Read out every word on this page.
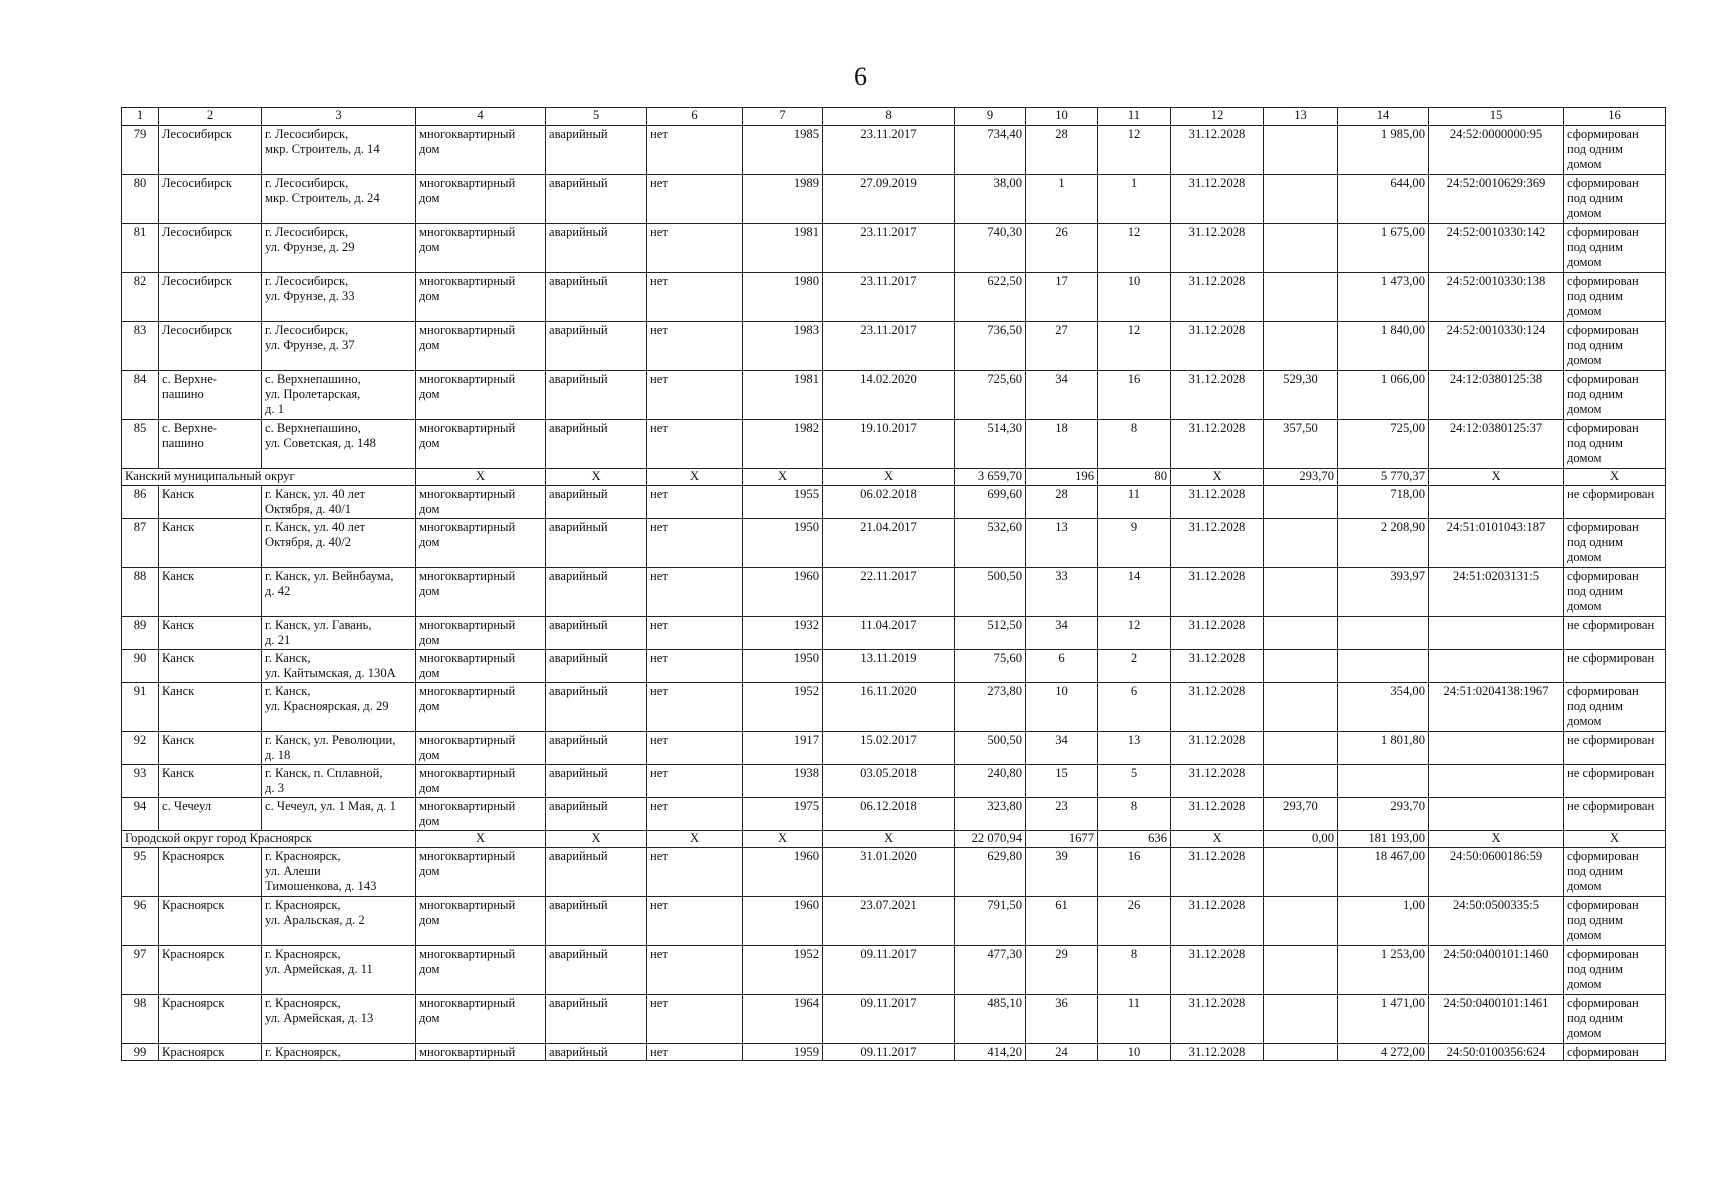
6
1	2	3	4	5	6	7	8	9	10	11	12	13	14	15	16
79	Лесосибирск	г. Лесосибирск,
мкр. Строитель, д. 14	многоквартирный
дом	аварийный	нет	1985	23.11.2017	734,40	28	12	31.12.2028		1 985,00	24:52:0000000:95	сформирован
под одним
домом
80	Лесосибирск	г. Лесосибирск,
мкр. Строитель, д. 24	многоквартирный
дом	аварийный	нет	1989	27.09.2019	38,00	1	1	31.12.2028		644,00	24:52:0010629:369	сформирован
под одним
домом
81	Лесосибирск	г. Лесосибирск,
ул. Фрунзе, д. 29	многоквартирный
дом	аварийный	нет	1981	23.11.2017	740,30	26	12	31.12.2028		1 675,00	24:52:0010330:142	сформирован
под одним
домом
82	Лесосибирск	г. Лесосибирск,
ул. Фрунзе, д. 33	многоквартирный
дом	аварийный	нет	1980	23.11.2017	622,50	17	10	31.12.2028		1 473,00	24:52:0010330:138	сформирован
под одним
домом
83	Лесосибирск	г. Лесосибирск,
ул. Фрунзе, д. 37	многоквартирный
дом	аварийный	нет	1983	23.11.2017	736,50	27	12	31.12.2028		1 840,00	24:52:0010330:124	сформирован
под одним
домом
84	с. Верхне-
пашино	с. Верхнепашино,
ул. Пролетарская,
д. 1	многоквартирный
дом	аварийный	нет	1981	14.02.2020	725,60	34	16	31.12.2028	529,30	1 066,00	24:12:0380125:38	сформирован
под одним
домом
85	с. Верхне-
пашино	с. Верхнепашино,
ул. Советская, д. 148	многоквартирный
дом	аварийный	нет	1982	19.10.2017	514,30	18	8	31.12.2028	357,50	725,00	24:12:0380125:37	сформирован
под одним
домом
Канский муниципальный округ			X	X	X	X	X	3 659,70	196	80	X	293,70	5 770,37	X	X
86	Канск	г. Канск, ул. 40 лет
Октября, д. 40/1	многоквартирный
дом	аварийный	нет	1955	06.02.2018	699,60	28	11	31.12.2028		718,00		не сформирован
87	Канск	г. Канск, ул. 40 лет
Октября, д. 40/2	многоквартирный
дом	аварийный	нет	1950	21.04.2017	532,60	13	9	31.12.2028		2 208,90	24:51:0101043:187	сформирован
под одним
домом
88	Канск	г. Канск, ул. Вейнбаума,
д. 42	многоквартирный
дом	аварийный	нет	1960	22.11.2017	500,50	33	14	31.12.2028		393,97	24:51:0203131:5	сформирован
под одним
домом
89	Канск	г. Канск, ул. Гавань,
д. 21	многоквартирный
дом	аварийный	нет	1932	11.04.2017	512,50	34	12	31.12.2028				не сформирован
90	Канск	г. Канск,
ул. Кайтымская, д. 130А	многоквартирный
дом	аварийный	нет	1950	13.11.2019	75,60	6	2	31.12.2028				не сформирован
91	Канск	г. Канск,
ул. Красноярская, д. 29	многоквартирный
дом	аварийный	нет	1952	16.11.2020	273,80	10	6	31.12.2028		354,00	24:51:0204138:1967	сформирован
под одним
домом
92	Канск	г. Канск, ул. Революции,
д. 18	многоквартирный
дом	аварийный	нет	1917	15.02.2017	500,50	34	13	31.12.2028		1 801,80		не сформирован
93	Канск	г. Канск, п. Сплавной,
д. 3	многоквартирный
дом	аварийный	нет	1938	03.05.2018	240,80	15	5	31.12.2028				не сформирован
94	с. Чечеул	с. Чечеул, ул. 1 Мая, д. 1	многоквартирный
дом	аварийный	нет	1975	06.12.2018	323,80	23	8	31.12.2028	293,70	293,70		не сформирован
Городской округ город Красноярск			X	X	X	X	X	22 070,94	1677	636	X	0,00	181 193,00	X	X
95	Красноярск	г. Красноярск,
ул. Алеши
Тимошенкова, д. 143	многоквартирный
дом	аварийный	нет	1960	31.01.2020	629,80	39	16	31.12.2028		18 467,00	24:50:0600186:59	сформирован
под одним
домом
96	Красноярск	г. Красноярск,
ул. Аральская, д. 2	многоквартирный
дом	аварийный	нет	1960	23.07.2021	791,50	61	26	31.12.2028		1,00	24:50:0500335:5	сформирован
под одним
домом
97	Красноярск	г. Красноярск,
ул. Армейская, д. 11	многоквартирный
дом	аварийный	нет	1952	09.11.2017	477,30	29	8	31.12.2028		1 253,00	24:50:0400101:1460	сформирован
под одним
домом
98	Красноярск	г. Красноярск,
ул. Армейская, д. 13	многоквартирный
дом	аварийный	нет	1964	09.11.2017	485,10	36	11	31.12.2028		1 471,00	24:50:0400101:1461	сформирован
под одним
домом
99	Красноярск	г. Красноярск,	многоквартирный	аварийный	нет	1959	09.11.2017	414,20	24	10	31.12.2028		4 272,00	24:50:0100356:624	сформирован
